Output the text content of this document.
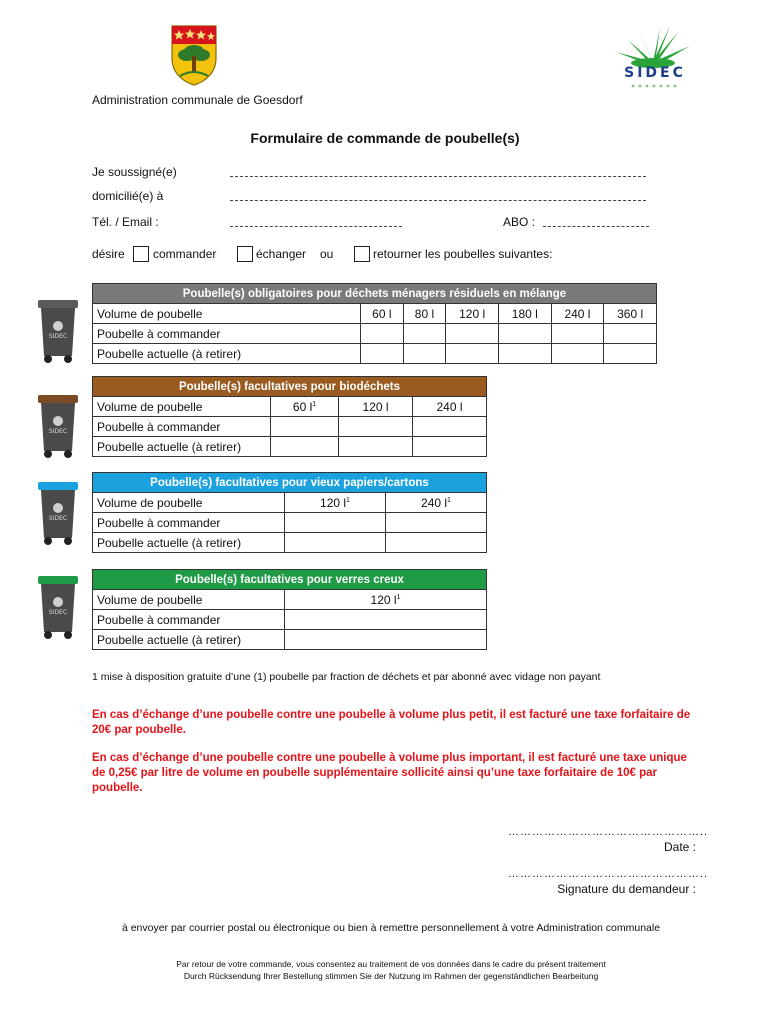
SIDEC
Administration communale de Goesdorf
Formulaire de commande de poubelle(s)
Je soussigné(e)
domicilié(e) à
Tél. / Email :	ABO :
désire commander	échanger ou	retourner les poubelles suivantes:
SIDEC
SIDEC
SIDEC
SIDEC
Poubelle(s) obligatoires pour déchets ménagers résiduels en mélange						
Volume de poubelle	60 l	80 l	120 l	180 l	240 l	360 l
Poubelle à commander						
Poubelle actuelle (à retirer)						
Poubelle(s) facultatives pour biodéchets			
Volume de poubelle	60 $l^1$	120 l	240 l
Poubelle à commander			
Poubelle actuelle (à retirer)			
Poubelle(s) facultatives pour vieux papiers/cartons		
Volume de poubelle	120 $l^1$	240 $l^1$
Poubelle à commander		
Poubelle actuelle (à retirer)		
Poubelle(s) facultatives pour verres creux	
Volume de poubelle	120 $l^1$
Poubelle à commander	
Poubelle actuelle (à retirer)	
1 mise à disposition gratuite d’une (1) poubelle par fraction de déchets et par abonné avec vidage non payant
En cas d’échange d’une poubelle contre une poubelle à volume plus petit, il est facturé une taxe forfaitaire de 20€ par poubelle.
En cas d’échange d’une poubelle contre une poubelle à volume plus important, il est facturé une taxe unique de 0,25€ par litre de volume en poubelle supplémentaire sollicité ainsi qu’une taxe forfaitaire de 10€ par poubelle.
…………………………………………..
Date :
…………………………………………..
Signature du demandeur :
à envoyer par courrier postal ou électronique ou bien à remettre personnellement à votre Administration communale
Par retour de votre commande, vous consentez au traitement de vos données dans le cadre du présent traitement
Durch Rücksendung Ihrer Bestellung stimmen Sie der Nutzung im Rahmen der gegenständlichen Bearbeitung
